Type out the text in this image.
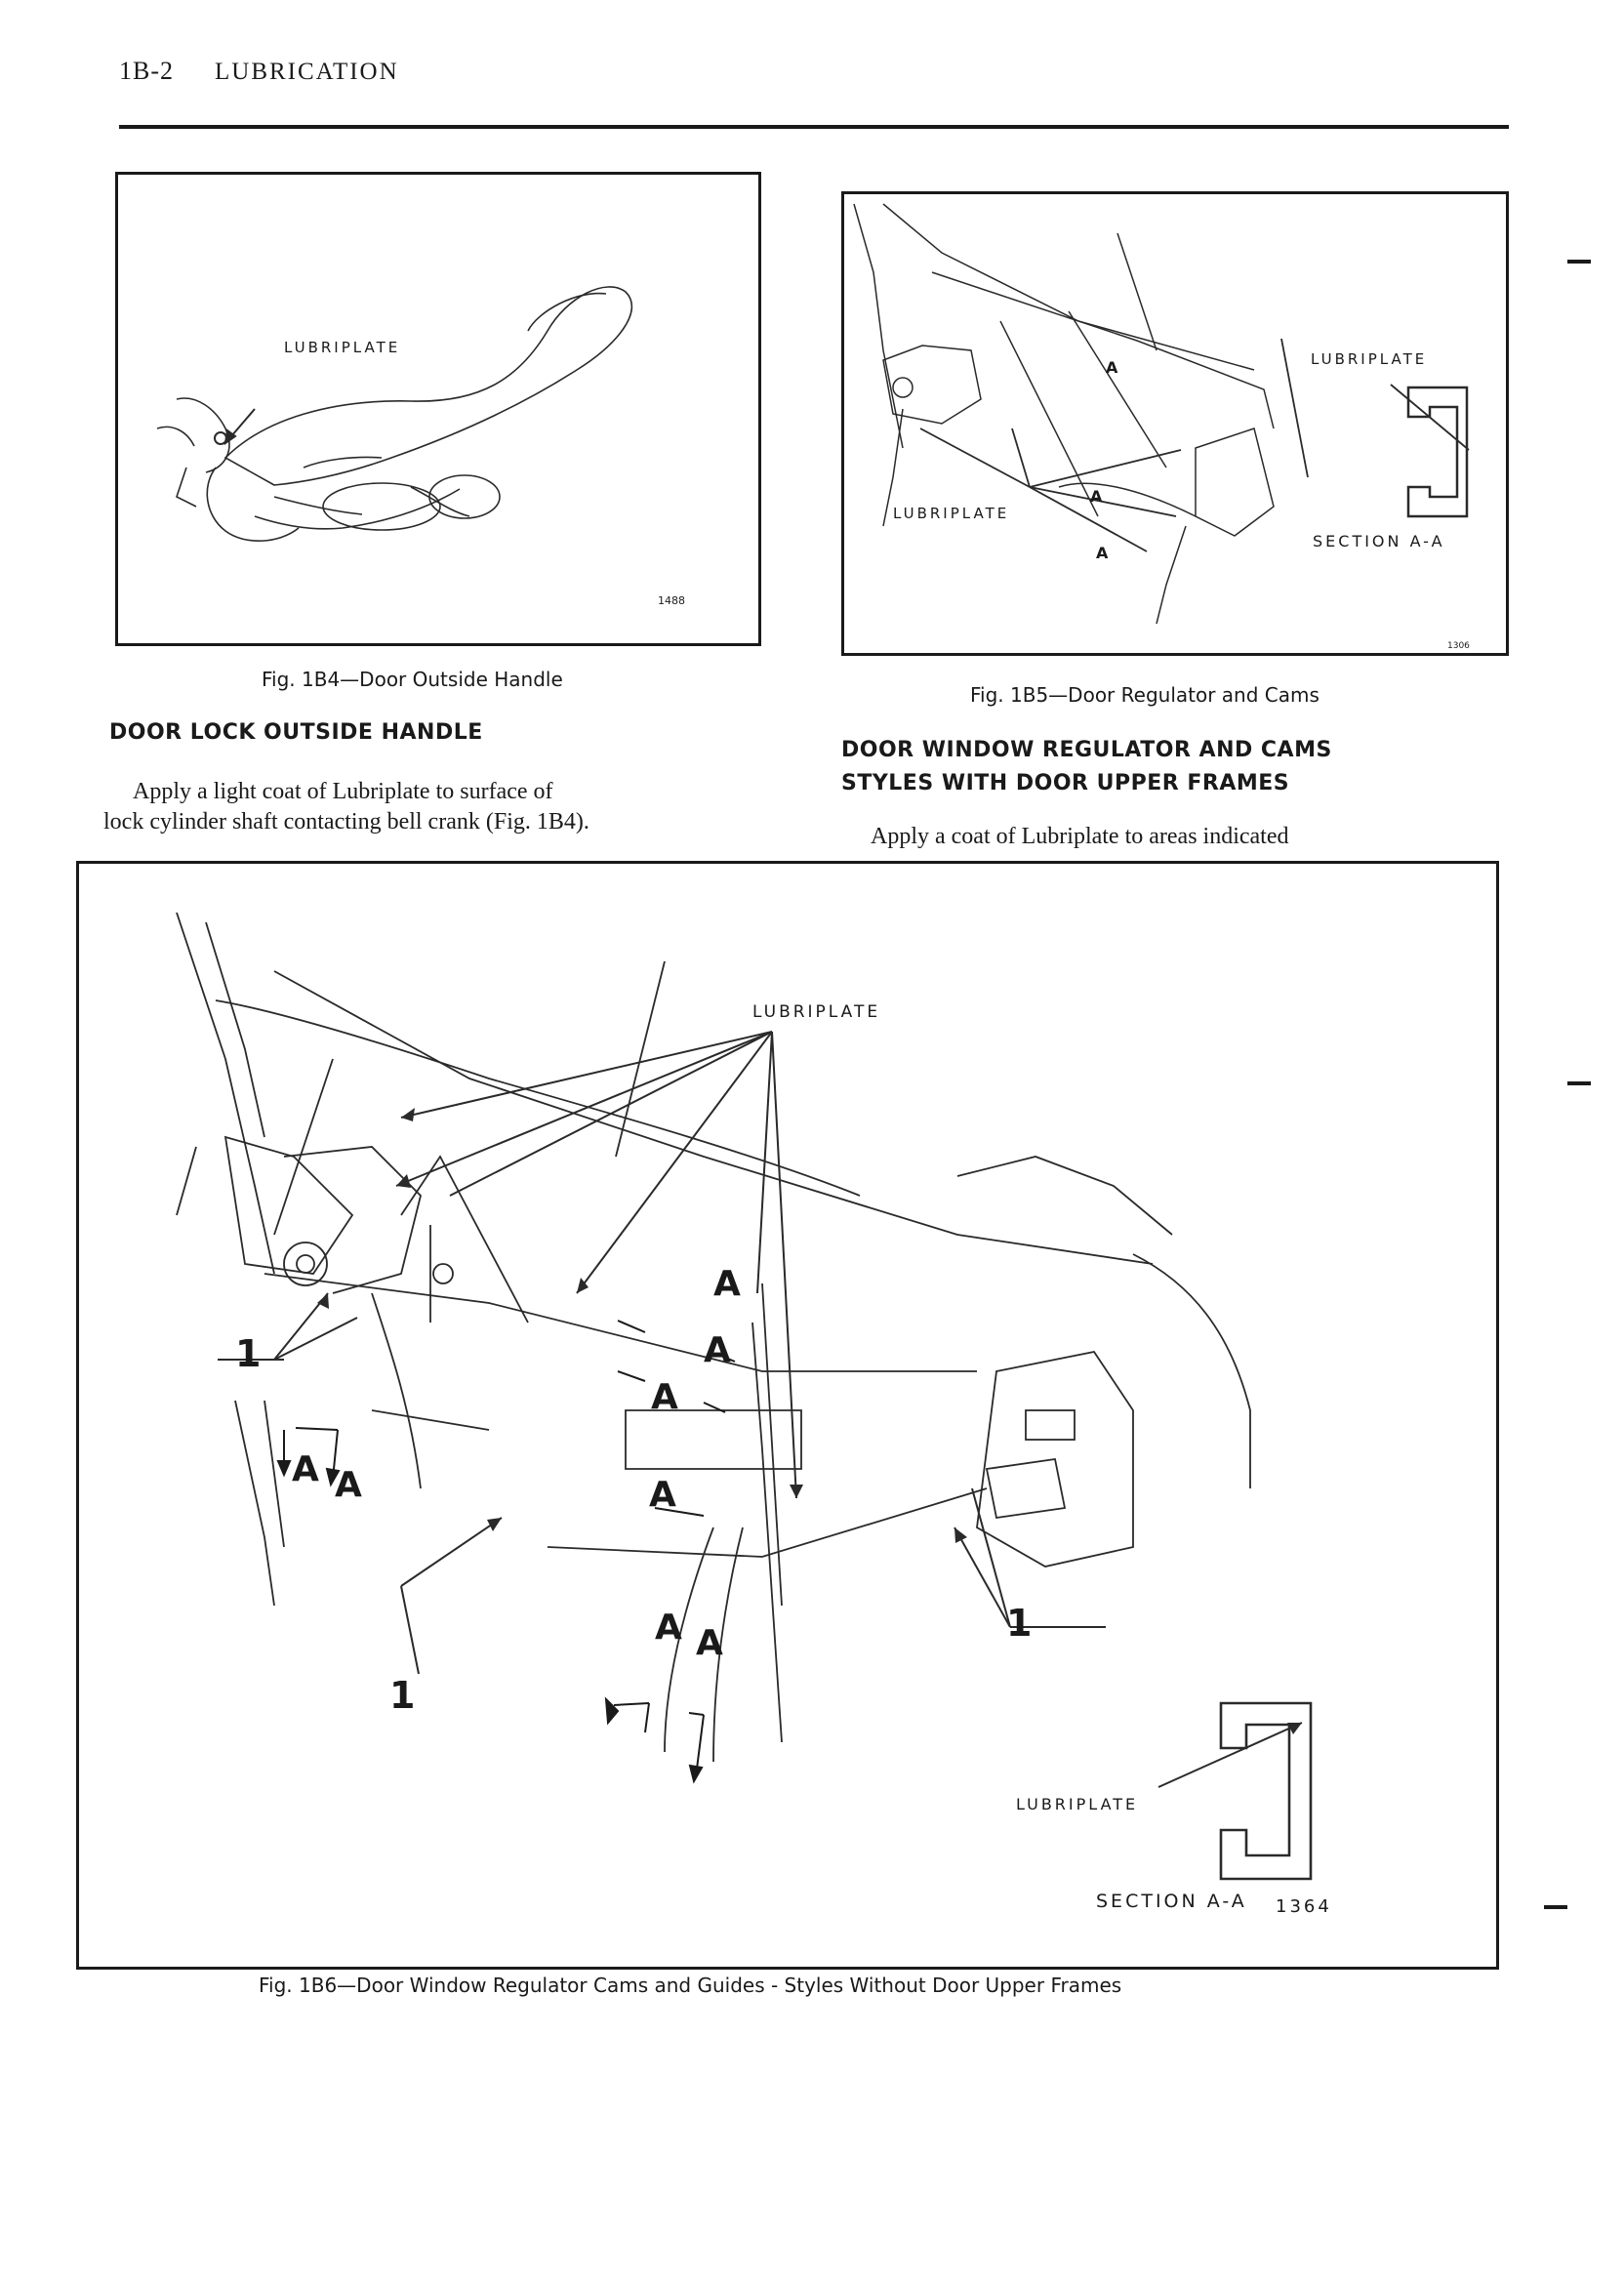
1B-2 LUBRICATION
LUBRIPLATE
1488
Fig. 1B4—Door Outside Handle
LUBRIPLATE
LUBRIPLATE
A
A
A
SECTION A-A
1306
Fig. 1B5—Door Regulator and Cams
DOOR LOCK OUTSIDE HANDLE
Apply a light coat of Lubriplate to surface of
lock cylinder shaft contacting bell crank (Fig. 1B4).
DOOR WINDOW REGULATOR AND CAMS
STYLES WITH DOOR UPPER FRAMES
Apply a coat of Lubriplate to areas indicated
LUBRIPLATE
A
A
A
A
A A
A A
1
1
1
LUBRIPLATE
SECTION A-A 1364
Fig. 1B6—Door Window Regulator Cams and Guides - Styles Without Door Upper Frames
